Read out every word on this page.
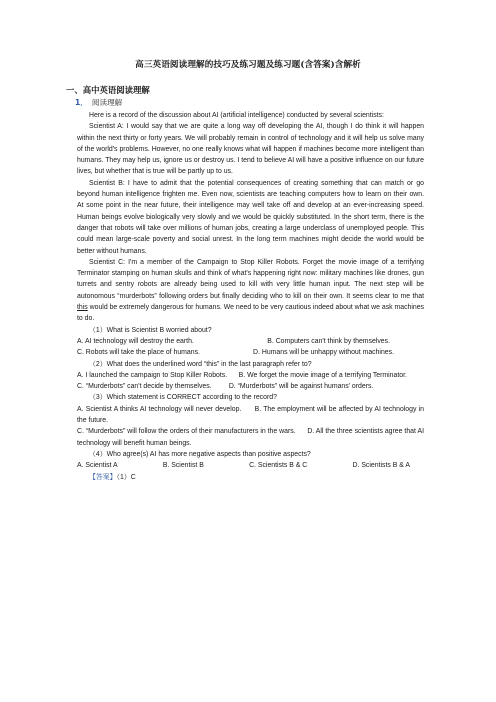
高三英语阅读理解的技巧及练习题及练习题(含答案)含解析
一、高中英语阅读理解
1． 阅读理解

Here is a record of the discussion about AI (artificial intelligence) conducted by several scientists:

Scientist A: I would say that we are quite a long way off developing the AI, though I do think it will happen within the next thirty or forty years. We will probably remain in control of technology and it will help us solve many of the world's problems. However, no one really knows what will happen if machines become more intelligent than humans. They may help us, ignore us or destroy us. I tend to believe AI will have a positive influence on our future lives, but whether that is true will be partly up to us.

Scientist B: I have to admit that the potential consequences of creating something that can match or go beyond human intelligence frighten me. Even now, scientists are teaching computers how to learn on their own. At some point in the near future, their intelligence may well take off and develop at an ever-increasing speed. Human beings evolve biologically very slowly and we would be quickly substituted. In the short term, there is the danger that robots will take over millions of human jobs, creating a large underclass of unemployed people. This could mean large-scale poverty and social unrest. In the long term machines might decide the world would be better without humans.

Scientist C: I'm a member of the Campaign to Stop Killer Robots. Forget the movie image of a terrifying Terminator stamping on human skulls and think of what's happening right now: military machines like drones, gun turrets and sentry robots are already being used to kill with very little human input. The next step will be autonomous “murderbots” following orders but finally deciding who to kill on their own. It seems clear to me that this would be extremely dangerous for humans. We need to be very cautious indeed about what we ask machines to do.

（1）What is Scientist B worried about?

A. AI technology will destroy the earth.	B. Computers can't think by themselves.
C. Robots will take the place of humans.	D. Humans will be unhappy without machines.

（2）What does the underlined word “this” in the last paragraph refer to?

A. I launched the campaign to Stop Killer Robots. B. We forget the movie image of a terrifying Terminator.

C. “Murderbots” can't decide by themselves. D. “Murderbots” will be against humans' orders.

（3）Which statement is CORRECT according to the record?

A. Scientist A thinks AI technology will never develop. B. The employment will be affected by AI technology in the future.

C. “Murderbots” will follow the orders of their manufacturers in the wars. D. All the three scientists agree that AI technology will benefit human beings.

（4）Who agree(s) AI has more negative aspects than positive aspects?

A. Scientist A	B. Scientist B	C. Scientists B & C	D. Scientists B & A

【答案】（1）C
